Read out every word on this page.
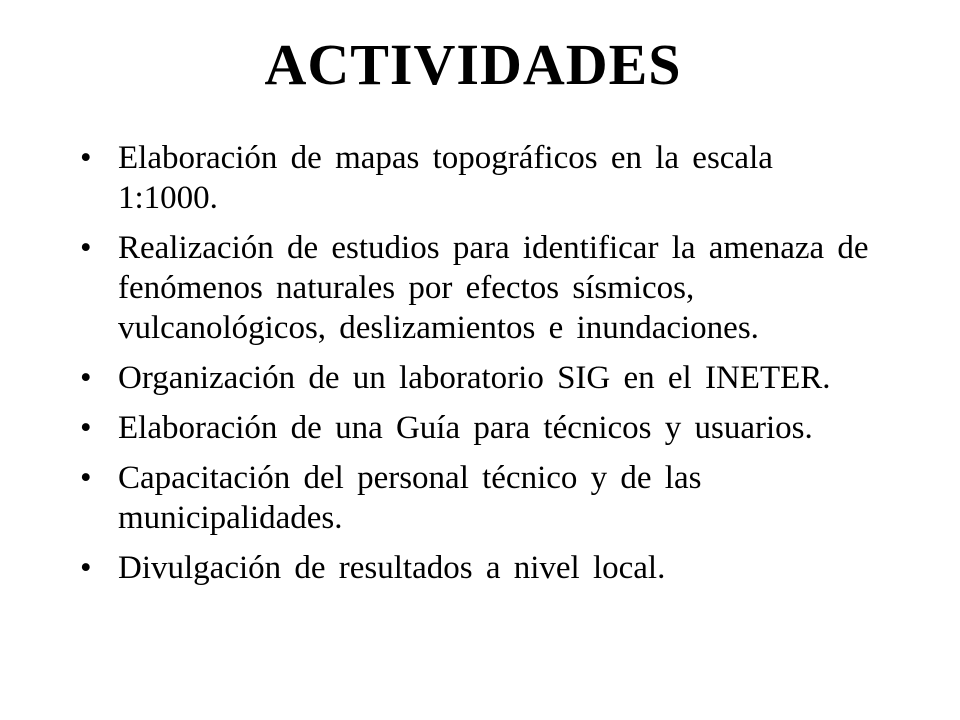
ACTIVIDADES
• Elaboración de mapas topográficos en la escala 1:1000.
• Realización de estudios para identificar la amenaza de fenómenos naturales por efectos sísmicos, vulcanológicos, deslizamientos e inundaciones.
• Organización de un laboratorio SIG en el INETER.
• Elaboración de una Guía para técnicos y usuarios.
• Capacitación del personal técnico y de las municipalidades.
• Divulgación de resultados a nivel local.
